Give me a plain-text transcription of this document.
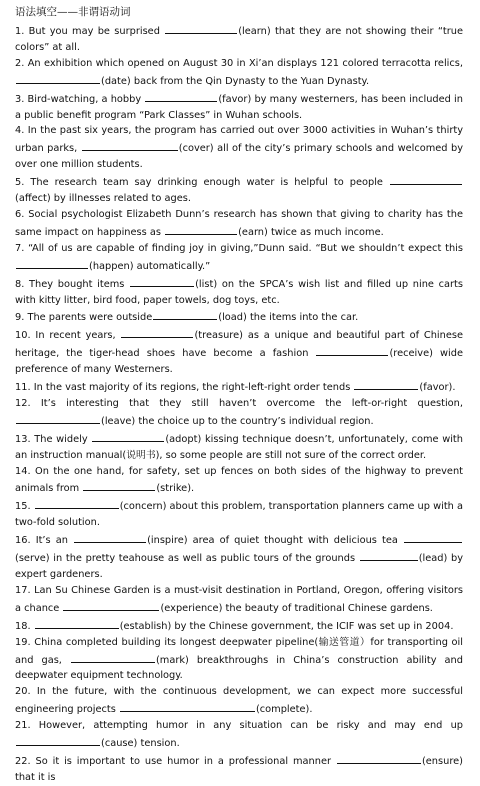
语法填空——非谓语动词

1. But you may be surprised	(learn) that they are not showing their “true colors” at all.

2. An exhibition which opened on August 30 in Xi’an displays 121 colored terracotta relics, (date) back from the Qin Dynasty to the Yuan Dynasty.

3. Bird-watching, a hobby	(favor) by many westerners, has been included in a public benefit program “Park Classes” in Wuhan schools.

4. In the past six years, the program has carried out over 3000 activities in Wuhan’s thirty urban parks,	(cover) all of the city’s primary schools and welcomed by over one million students.

5. The research team say drinking enough water is helpful to people (affect) by illnesses related to ages.

6. Social psychologist Elizabeth Dunn’s research has shown that giving to charity has the same impact on happiness as	(earn) twice as much income.

7. “All of us are capable of finding joy in giving,”Dunn said. “But we shouldn’t expect this (happen) automatically.”

8. They bought items	(list) on the SPCA’s wish list and filled up nine carts with kitty litter, bird food, paper towels, dog toys, etc.

9. The parents were outside	(load) the items into the car.

10. In recent years,	(treasure) as a unique and beautiful part of Chinese heritage, the tiger-head shoes have become a fashion	(receive) wide preference of many Westerners.

11. In the vast majority of its regions, the right-left-right order tends	(favor).

12. It’s interesting that they still haven’t overcome the left-or-right question, (leave) the choice up to the country’s individual region.

13. The widely	(adopt) kissing technique doesn’t, unfortunately, come with an instruction manual(说明书), so some people are still not sure of the correct order.

14. On the one hand, for safety, set up fences on both sides of the highway to prevent animals from	(strike).

15.	(concern) about this problem, transportation planners came up with a two-fold solution.

16. It’s an	(inspire) area of quiet thought with delicious tea (serve) in the pretty teahouse as well as public tours of the grounds	(lead) by expert gardeners.

17. Lan Su Chinese Garden is a must-visit destination in Portland, Oregon, offering visitors a chance	(experience) the beauty of traditional Chinese gardens.

18.	(establish) by the Chinese government, the ICIF was set up in 2004.

19. China completed building its longest deepwater pipeline(输送管道）for transporting oil and gas,	(mark) breakthroughs in China’s construction ability and deepwater equipment technology.

20. In the future, with the continuous development, we can expect more successful engineering projects	(complete).

21. However, attempting humor in any situation can be risky and may end up (cause) tension.

22. So it is important to use humor in a professional manner	(ensure) that it is
